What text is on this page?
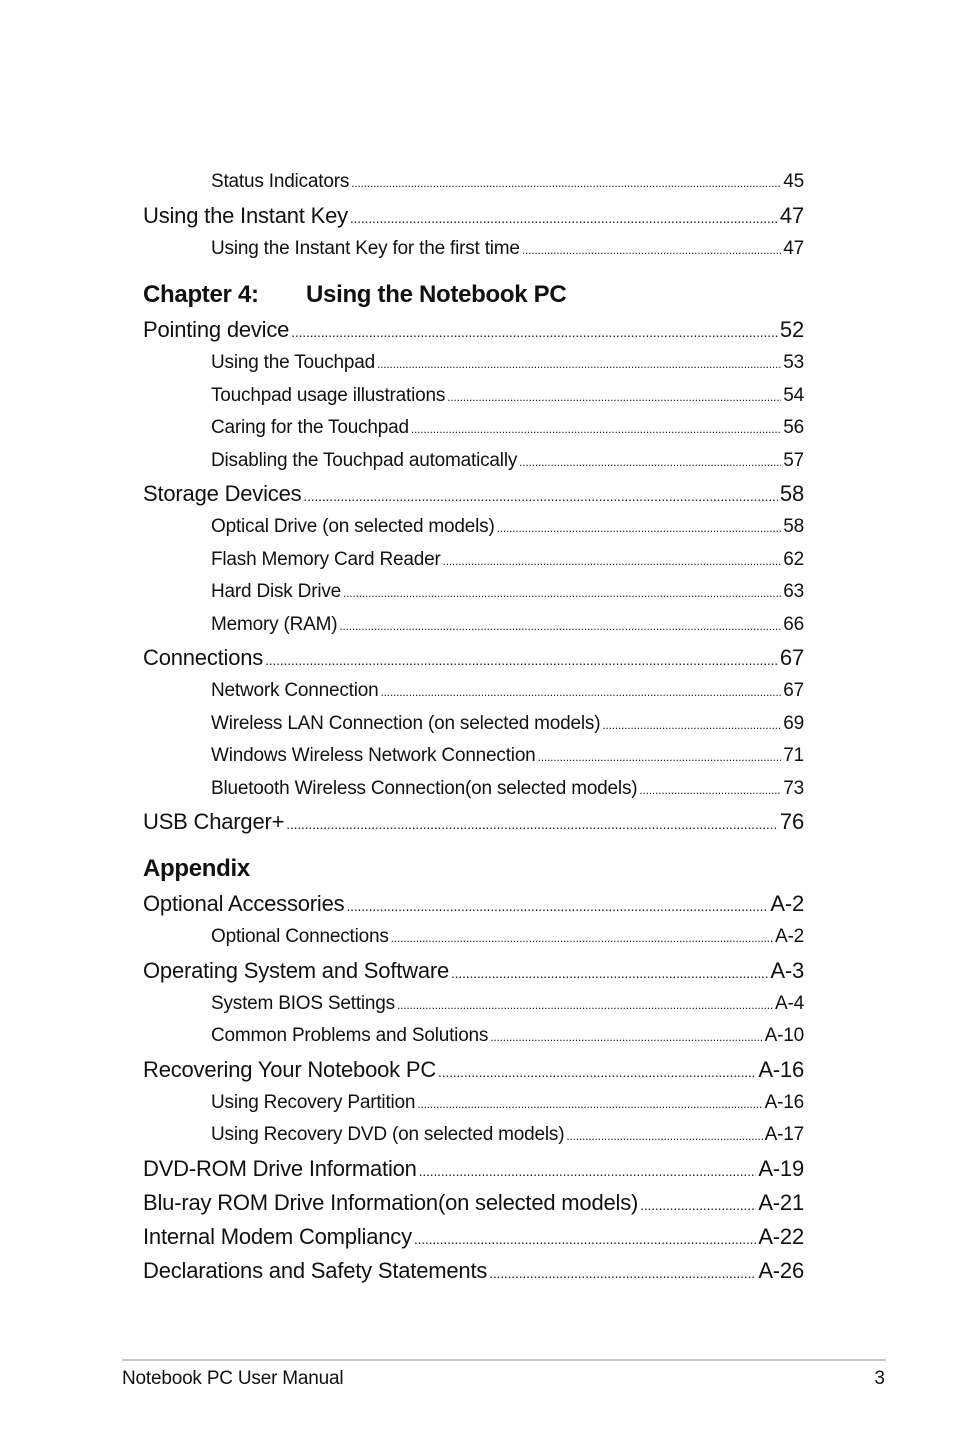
Status Indicators .....	45
Using the Instant Key .....	47
Using the Instant Key for the first time .....	47
Chapter 4:	Using the Notebook PC
Pointing device .....	52
Using the Touchpad .....	53
Touchpad usage illustrations .....	54
Caring for the Touchpad .....	56
Disabling the Touchpad automatically .....	57
Storage Devices .....	58
Optical Drive (on selected models) .....	58
Flash Memory Card Reader .....	62
Hard Disk Drive .....	63
Memory (RAM) .....	66
Connections .....	67
Network Connection .....	67
Wireless LAN Connection (on selected models) .....	69
Windows Wireless Network Connection .....	71
Bluetooth Wireless Connection(on selected models) .....	73
USB Charger+ .....	76
Appendix
Optional Accessories .....	A-2
Optional Connections .....	A-2
Operating System and Software .....	A-3
System BIOS Settings .....	A-4
Common Problems and Solutions .....	A-10
Recovering Your Notebook PC .....	A-16
Using Recovery Partition .....	A-16
Using Recovery DVD (on selected models) .....	A-17
DVD-ROM Drive Information .....	A-19
Blu-ray ROM Drive Information(on selected models) .....	A-21
Internal Modem Compliancy .....	A-22
Declarations and Safety Statements .....	A-26
Notebook PC User Manual	3
